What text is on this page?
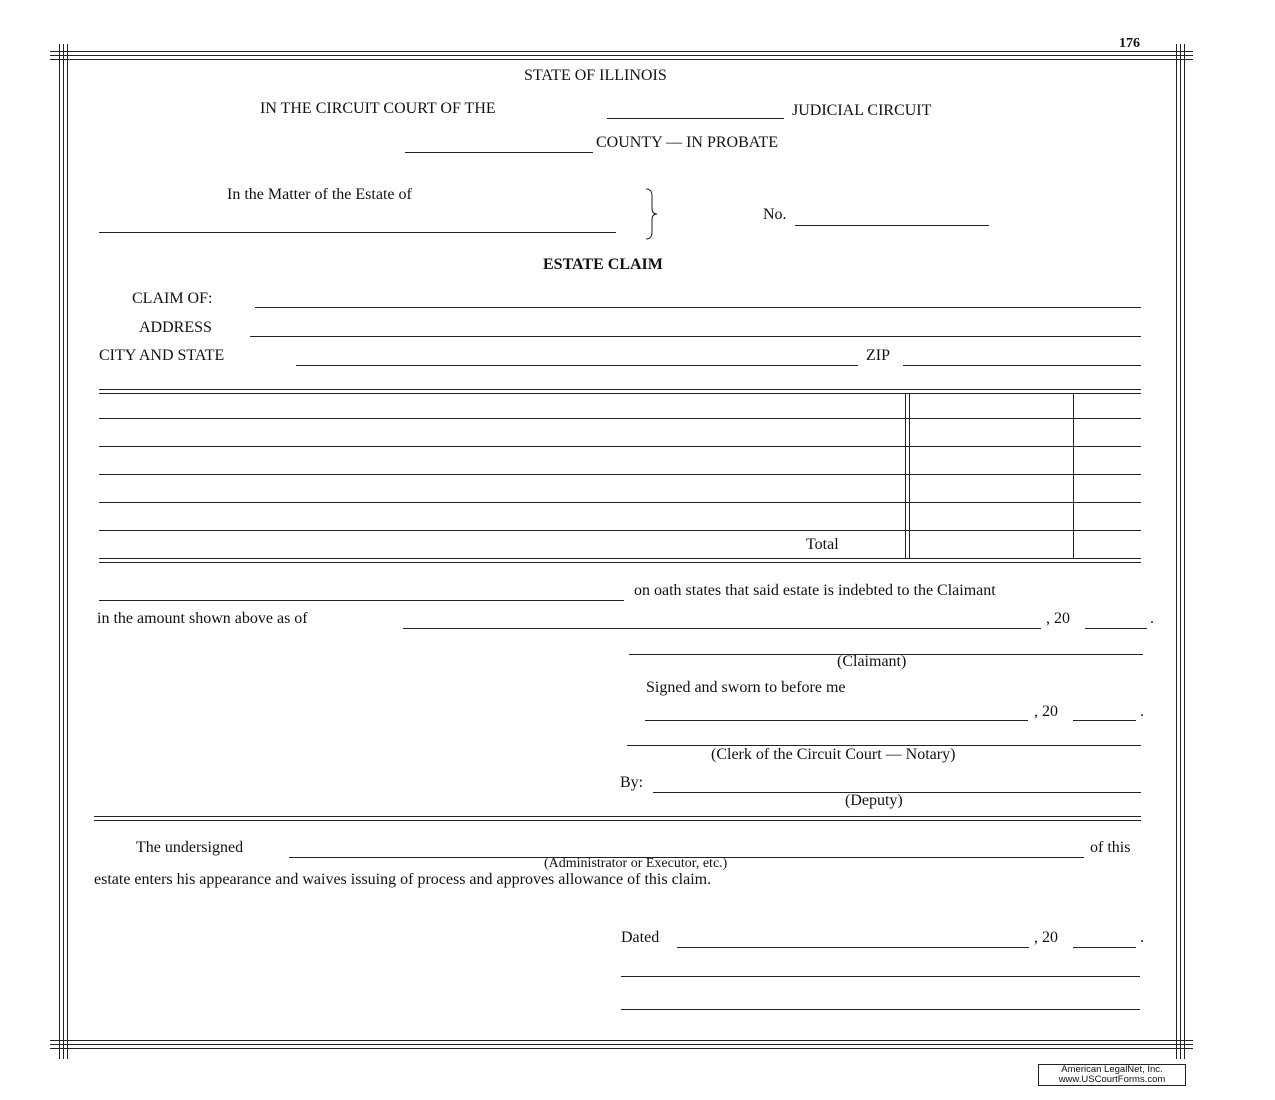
176
STATE OF ILLINOIS
IN THE CIRCUIT COURT OF THE	JUDICIAL CIRCUIT
COUNTY — IN PROBATE
In the Matter of the Estate of
No.
ESTATE CLAIM
CLAIM OF:
ADDRESS
CITY AND STATE	ZIP
Total
on oath states that said estate is indebted to the Claimant
in the amount shown above as of	, 20	.
(Claimant)
Signed and sworn to before me
, 20	.
(Clerk of the Circuit Court — Notary)
By:
(Deputy)
The undersigned	of this
(Administrator or Executor, etc.)
estate enters his appearance and waives issuing of process and approves allowance of this claim.
Dated	, 20	.
American LegalNet, Inc.
www.USCourtForms.com
